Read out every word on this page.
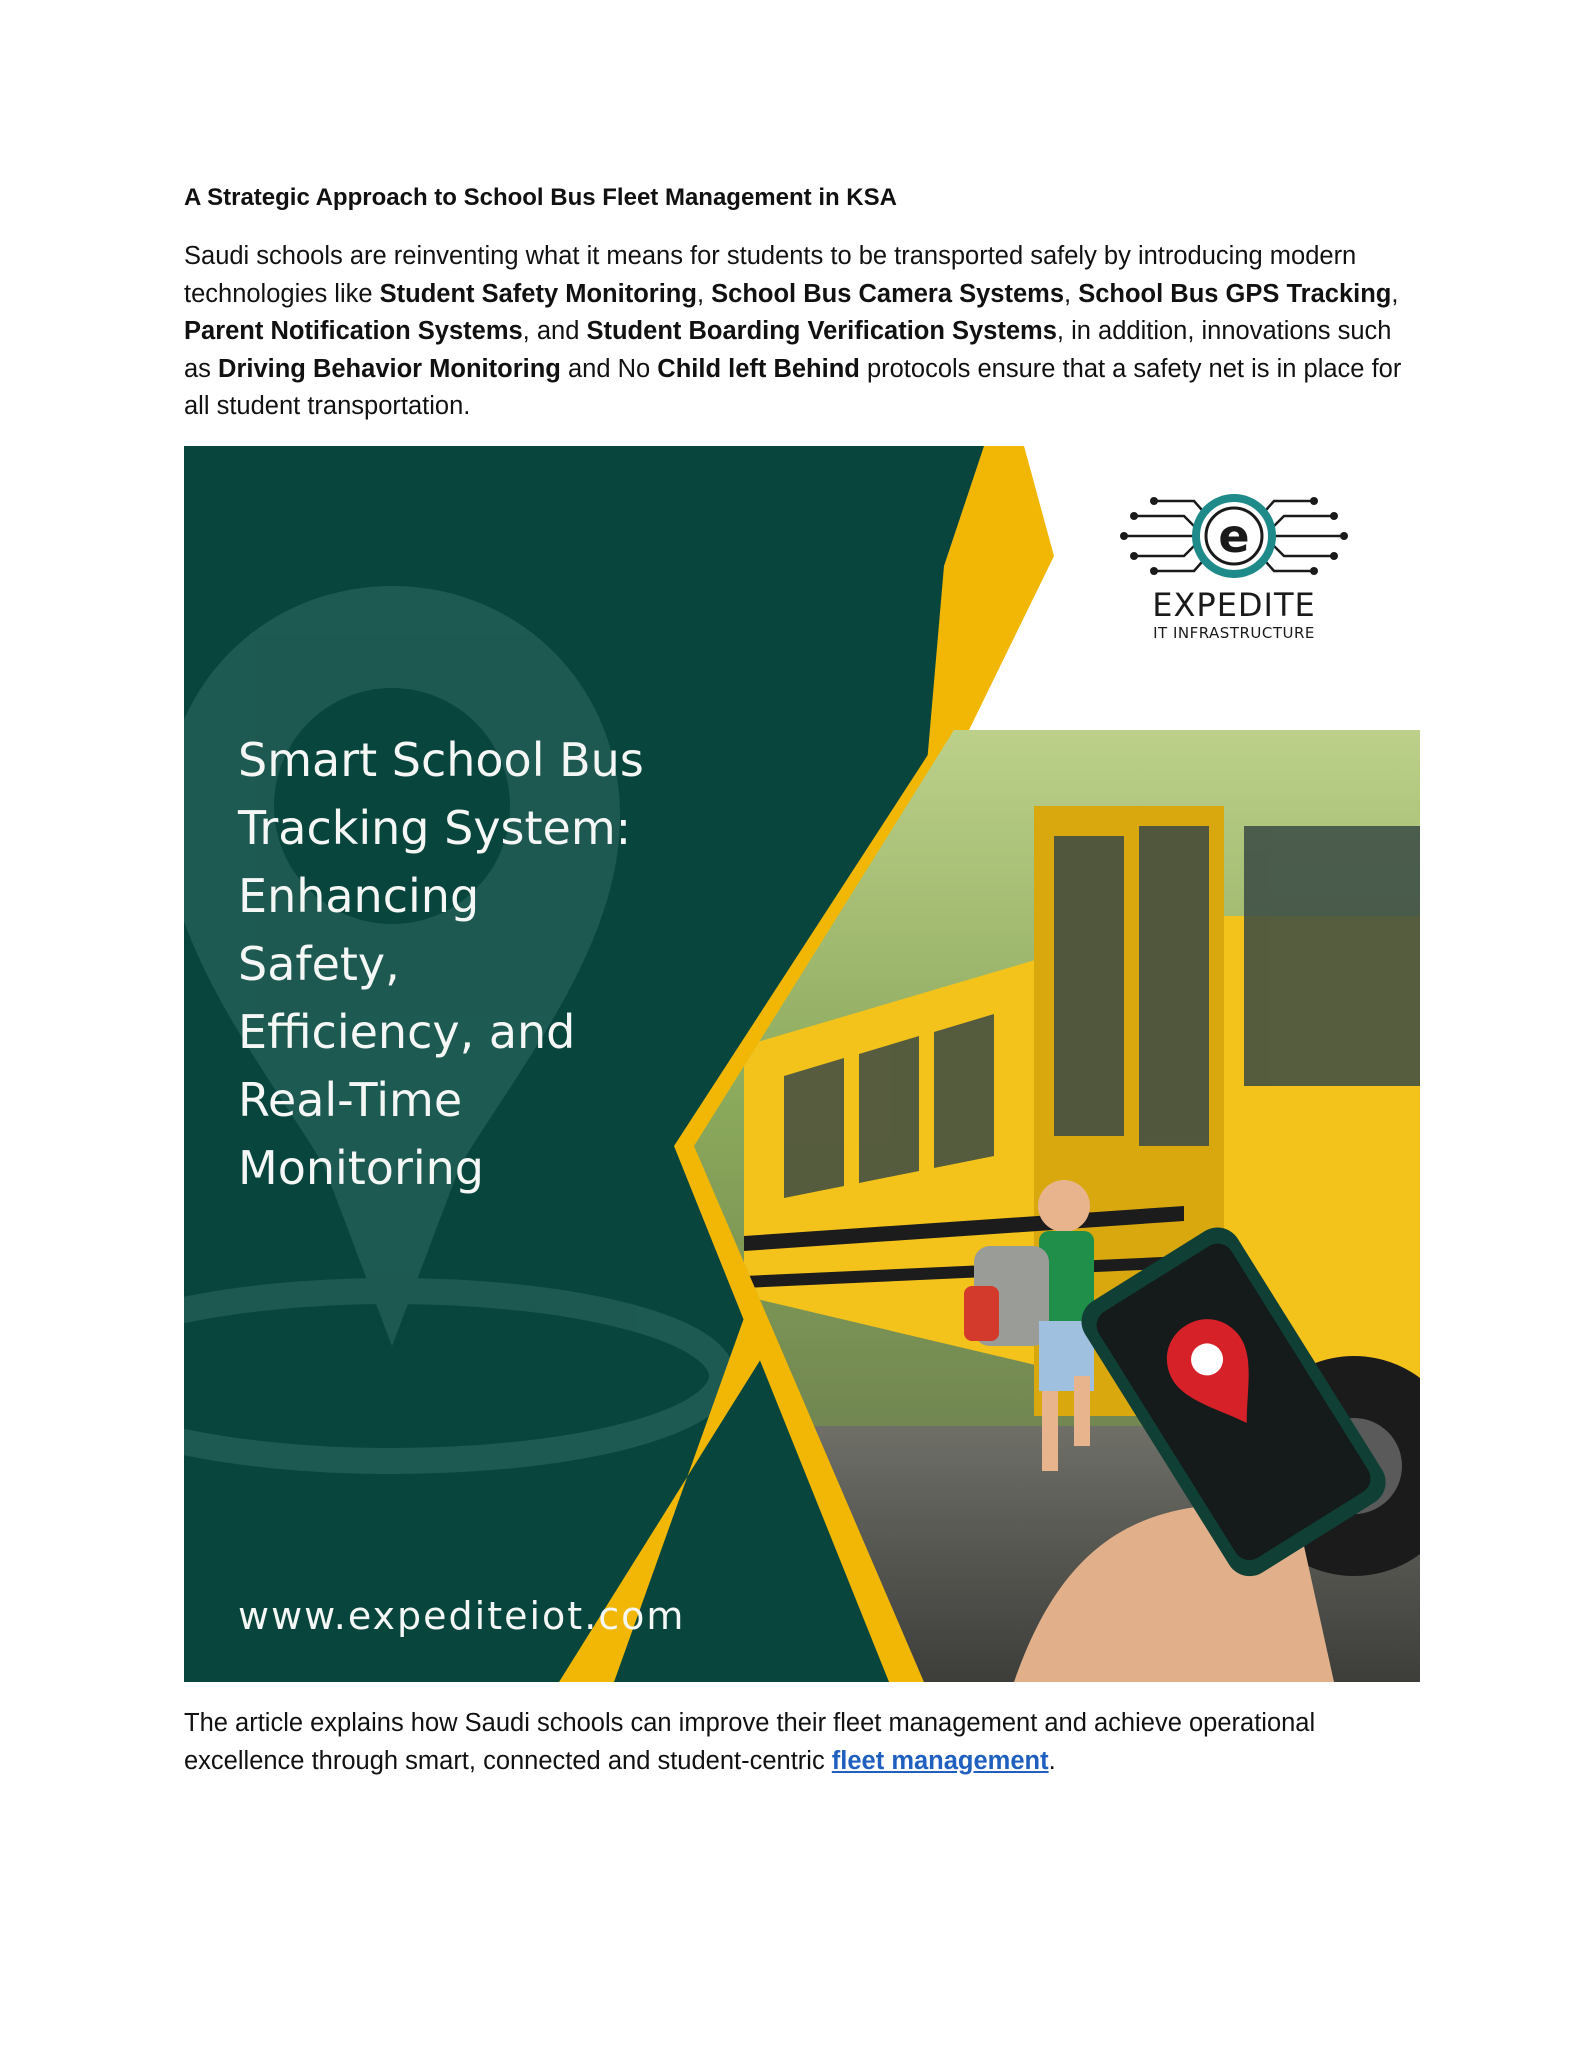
A Strategic Approach to School Bus Fleet Management in KSA

Saudi schools are reinventing what it means for students to be transported safely by introducing modern technologies like Student Safety Monitoring, School Bus Camera Systems, School Bus GPS Tracking, Parent Notification Systems, and Student Boarding Verification Systems, in addition, innovations such as Driving Behavior Monitoring and No Child left Behind protocols ensure that a safety net is in place for all student transportation.

Smart School Bus
Tracking System:
Enhancing
Safety,
Efficiency, and
Real-Time
Monitoring
www.expediteiot.com
e
EXPEDITE
IT INFRASTRUCTURE

The article explains how Saudi schools can improve their fleet management and achieve operational excellence through smart, connected and student-centric fleet management.
